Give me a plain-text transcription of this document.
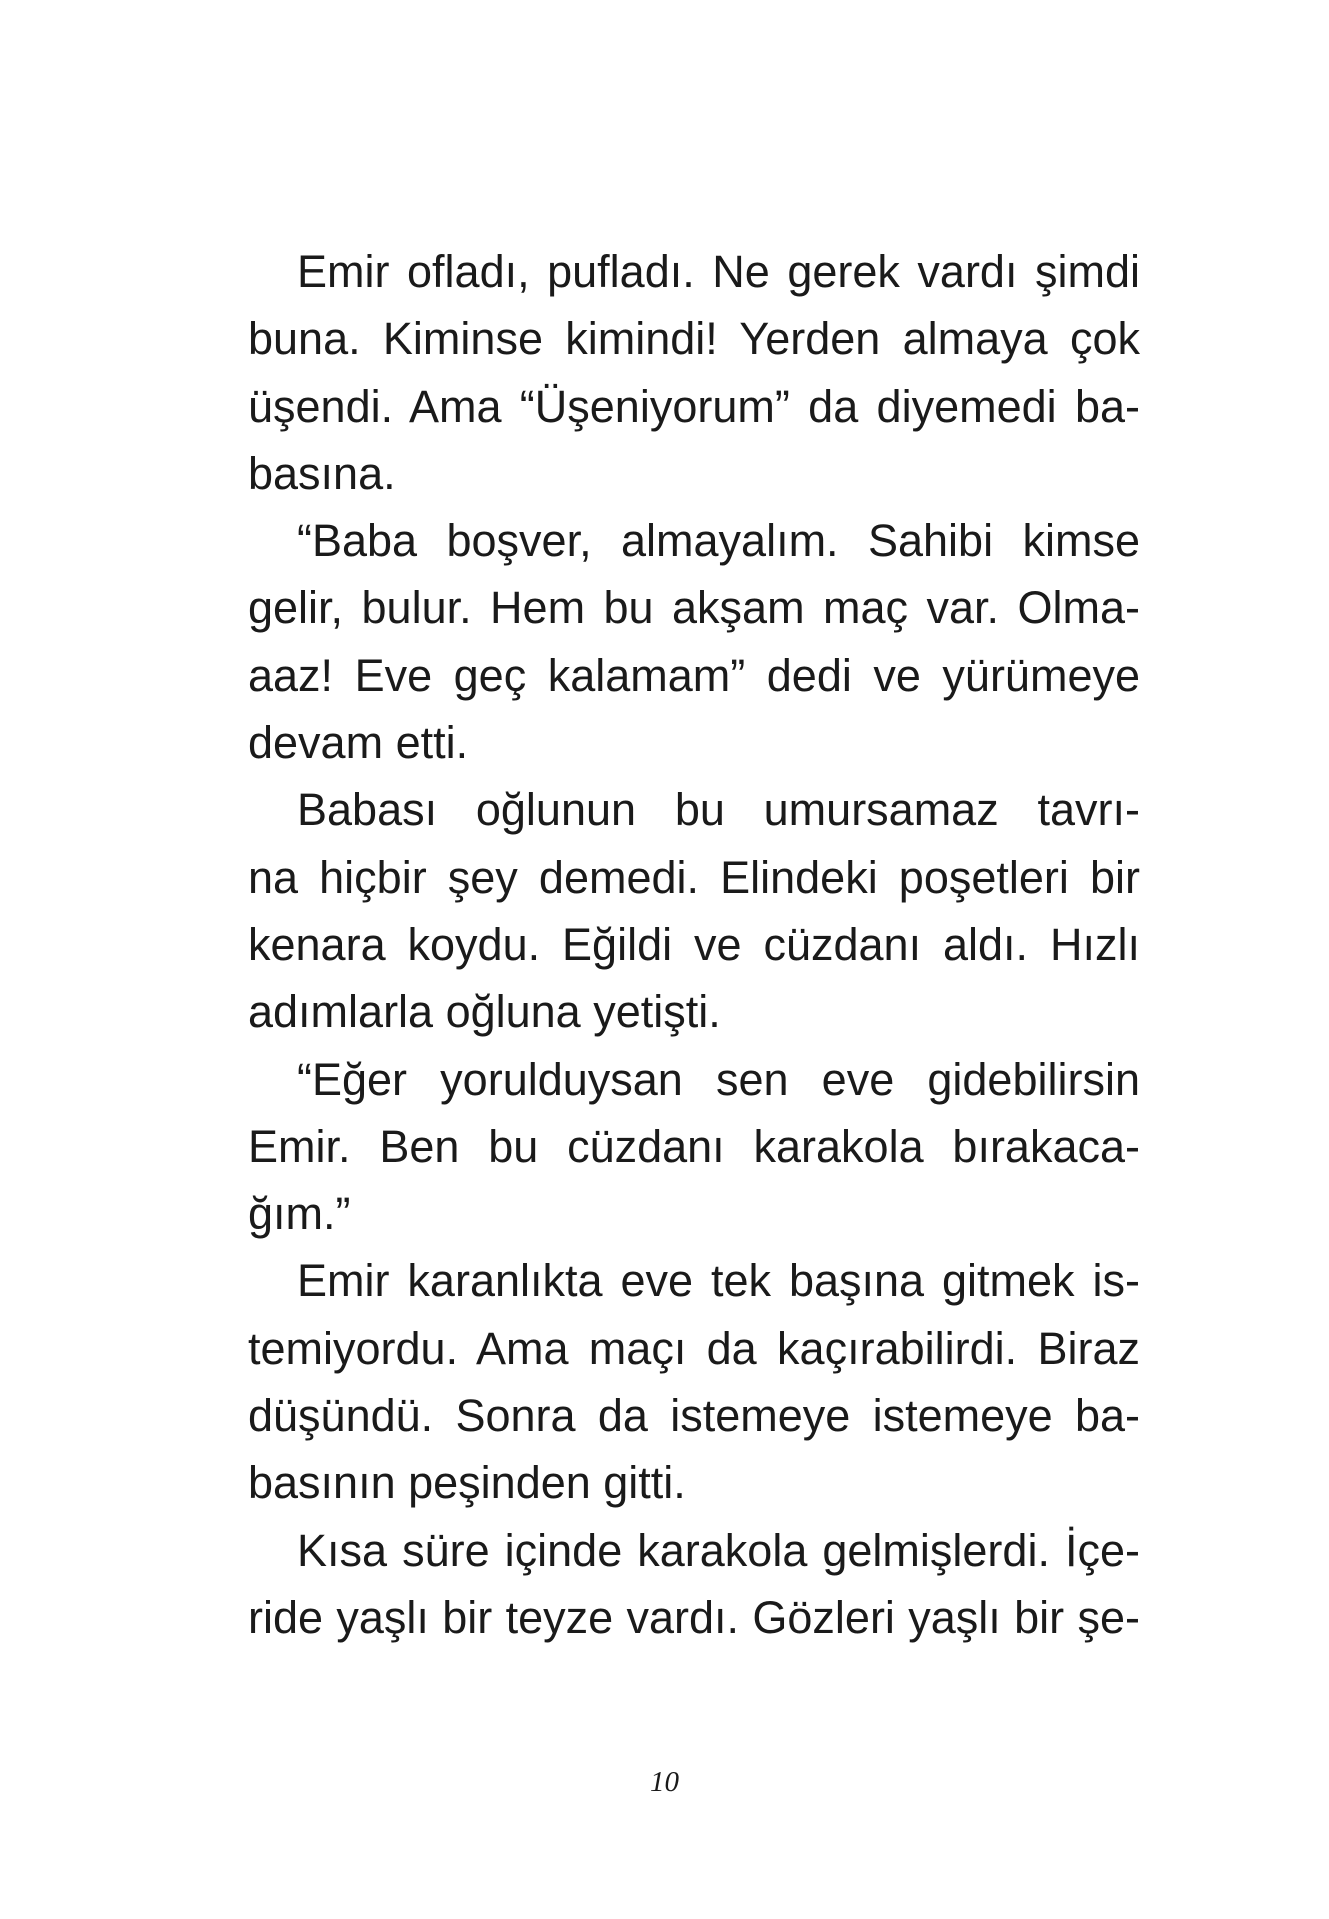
Emir ofladı, pufladı. Ne gerek vardı şimdi
buna. Kiminse kimindi! Yerden almaya çok
üşendi. Ama “Üşeniyorum” da diyemedi ba-
basına.
“Baba boşver, almayalım. Sahibi kimse
gelir, bulur. Hem bu akşam maç var. Olma-
aaz! Eve geç kalamam” dedi ve yürümeye
devam etti.
Babası oğlunun bu umursamaz tavrı-
na hiçbir şey demedi. Elindeki poşetleri bir
kenara koydu. Eğildi ve cüzdanı aldı. Hızlı
adımlarla oğluna yetişti.
“Eğer yorulduysan sen eve gidebilirsin
Emir. Ben bu cüzdanı karakola bırakaca-
ğım.”
Emir karanlıkta eve tek başına gitmek is-
temiyordu. Ama maçı da kaçırabilirdi. Biraz
düşündü. Sonra da istemeye istemeye ba-
basının peşinden gitti.
Kısa süre içinde karakola gelmişlerdi. İçe-
ride yaşlı bir teyze vardı. Gözleri yaşlı bir şe-
10
